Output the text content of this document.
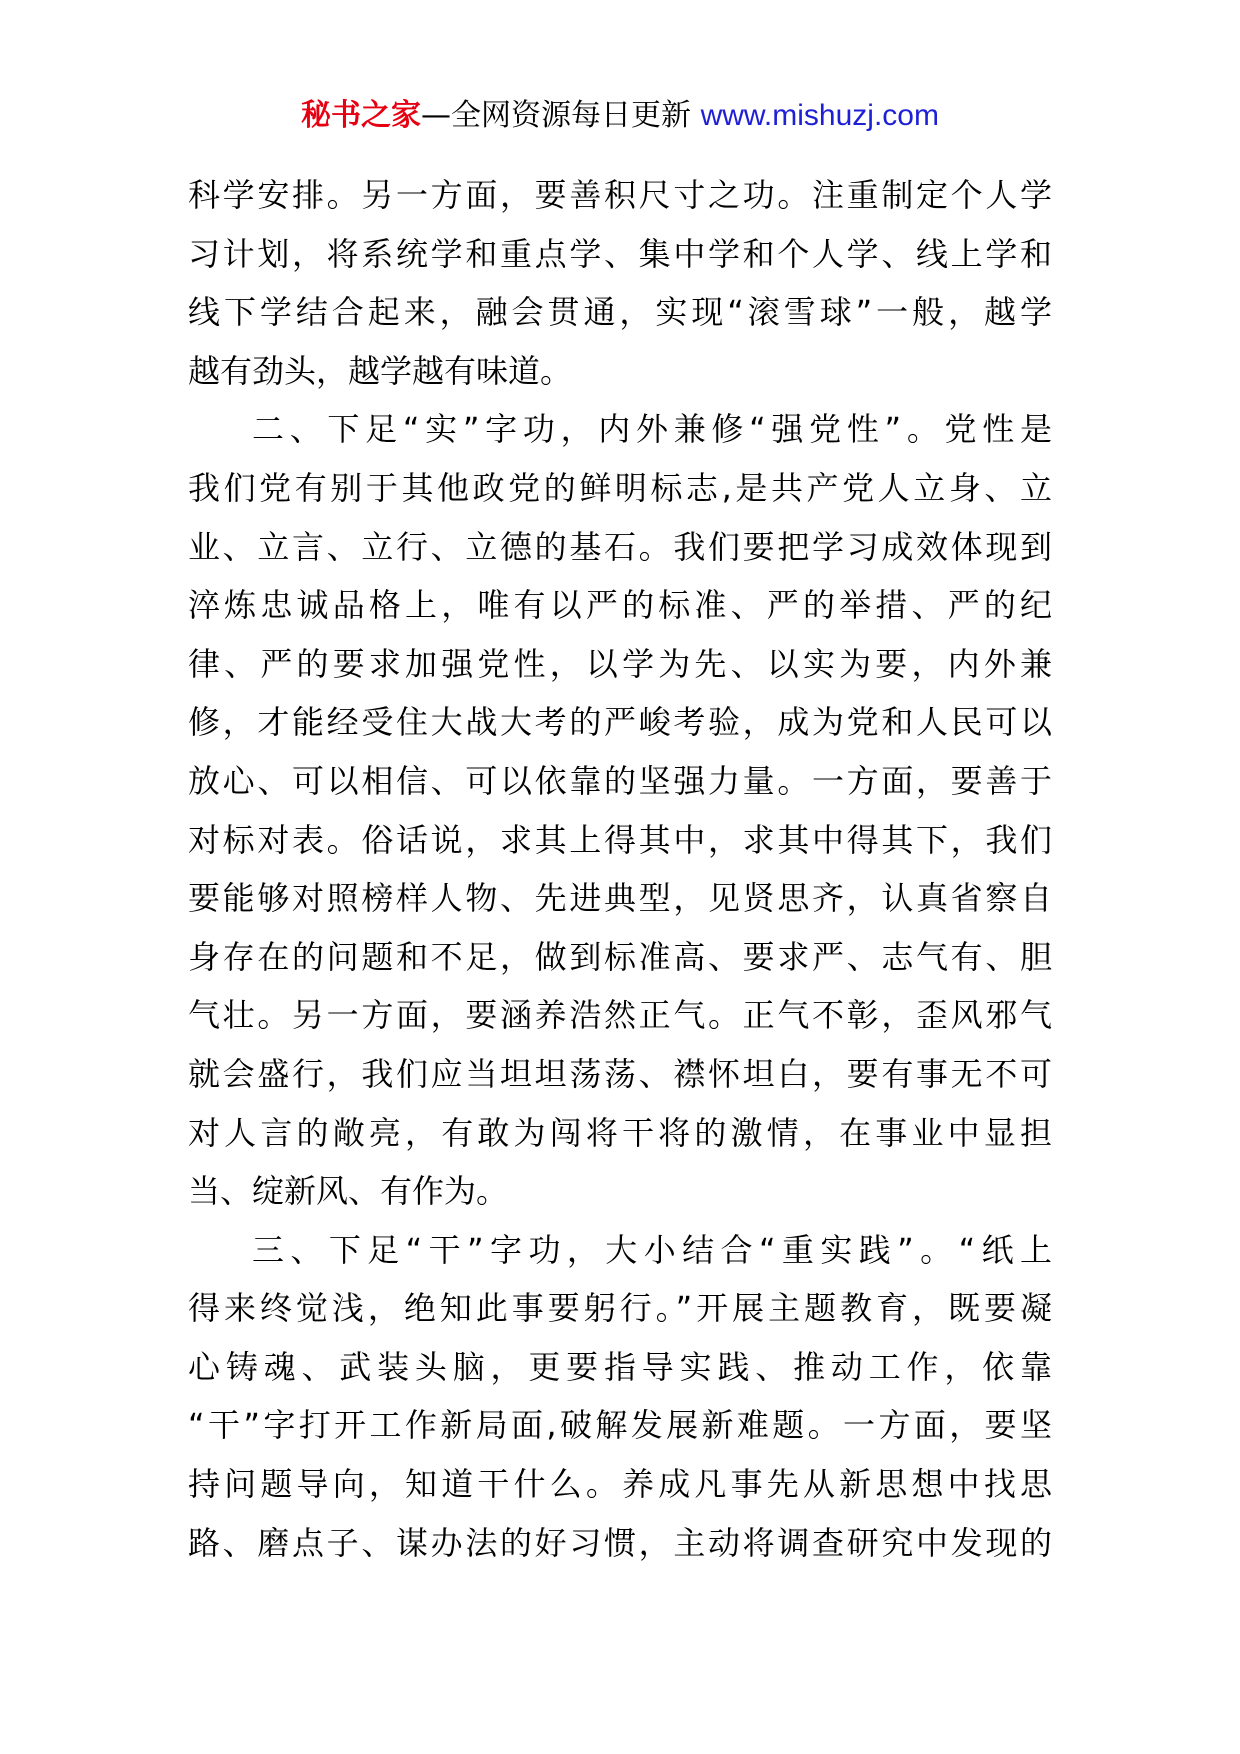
秘书之家—全网资源每日更新 www.mishuzj.com
科学安排。另一方面，要善积尺寸之功。注重制定个人学
习计划，将系统学和重点学、集中学和个人学、线上学和
线下学结合起来，融会贯通，实现“滚雪球”一般，越学
越有劲头，越学越有味道。
二、下足“实”字功，内外兼修“强党性”。党性是
我们党有别于其他政党的鲜明标志,是共产党人立身、立
业、立言、立行、立德的基石。我们要把学习成效体现到
淬炼忠诚品格上，唯有以严的标准、严的举措、严的纪
律、严的要求加强党性，以学为先、以实为要，内外兼
修，才能经受住大战大考的严峻考验，成为党和人民可以
放心、可以相信、可以依靠的坚强力量。一方面，要善于
对标对表。俗话说，求其上得其中，求其中得其下，我们
要能够对照榜样人物、先进典型，见贤思齐，认真省察自
身存在的问题和不足，做到标准高、要求严、志气有、胆
气壮。另一方面，要涵养浩然正气。正气不彰，歪风邪气
就会盛行，我们应当坦坦荡荡、襟怀坦白，要有事无不可
对人言的敞亮，有敢为闯将干将的激情，在事业中显担
当、绽新风、有作为。
三、下足“干”字功，大小结合“重实践”。“纸上
得来终觉浅，绝知此事要躬行。”开展主题教育，既要凝
心铸魂、武装头脑，更要指导实践、推动工作，依靠
“干”字打开工作新局面,破解发展新难题。一方面，要坚
持问题导向，知道干什么。养成凡事先从新思想中找思
路、磨点子、谋办法的好习惯，主动将调查研究中发现的
